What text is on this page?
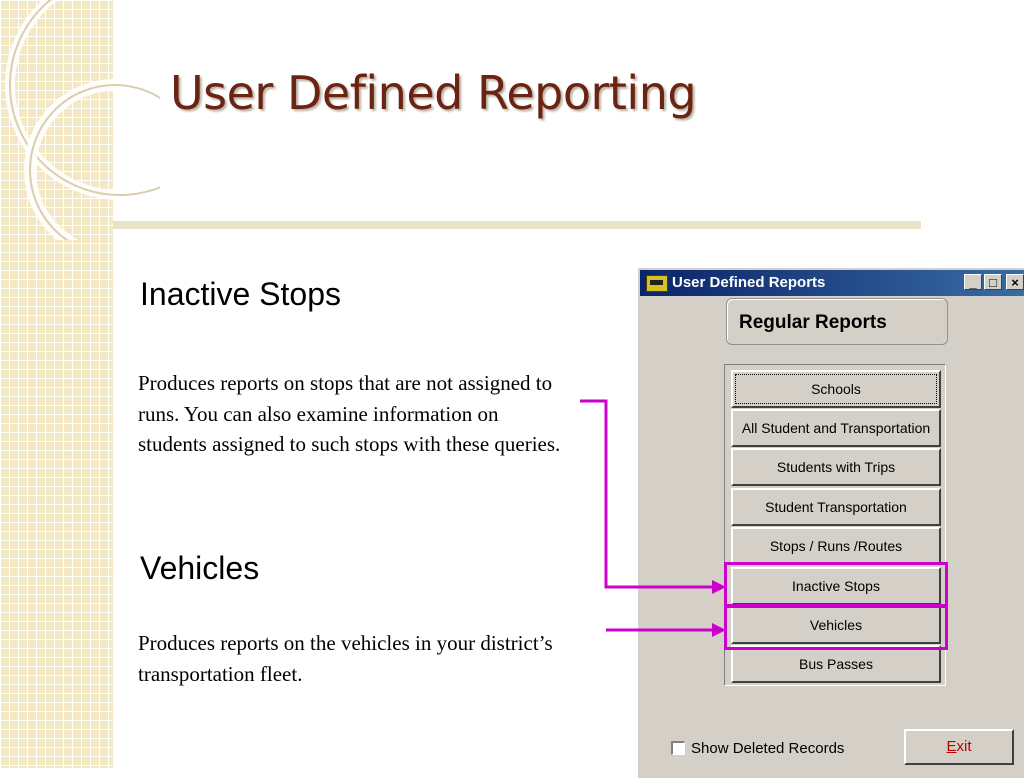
User Defined Reporting
Inactive Stops
Produces reports on stops that are not assigned to runs. You can also examine information on students assigned to such stops with these queries.
Vehicles
Produces reports on the vehicles in your district’s transportation fleet.
User Defined Reports	_ □	×
Regular Reports
Schools
All Student and Transportation
Students with Trips
Student Transportation
Stops / Runs /Routes
Inactive Stops
Vehicles
Bus Passes
Show Deleted Records	Exit
